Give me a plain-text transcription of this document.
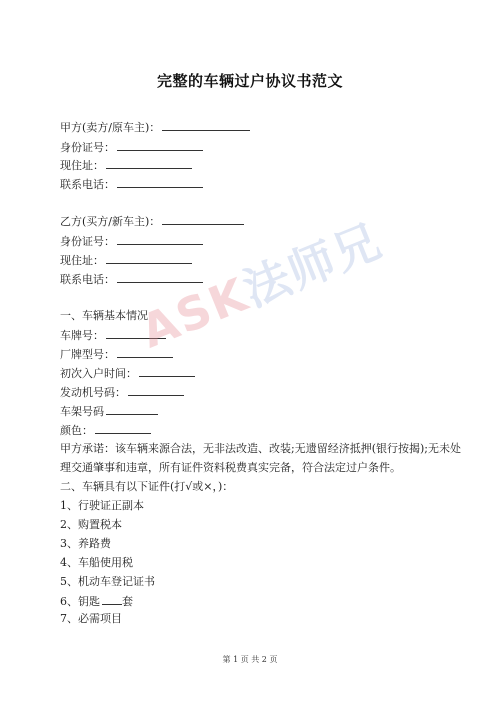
完整的车辆过户协议书范文
甲方(卖方/原车主)：
身份证号：
现住址：
联系电话：
乙方(买方/新车主)：
身份证号：
现住址：
联系电话：
一、车辆基本情况
车牌号：
厂牌型号：
初次入户时间：
发动机号码：
车架号码
颜色：
甲方承诺：该车辆来源合法，无非法改造、改装;无遗留经济抵押(银行按揭);无未处
理交通肇事和违章，所有证件资料税费真实完备，符合法定过户条件。
二、车辆具有以下证件(打√或×，)：
1、行驶证正副本
2、购置税本
3、养路费
4、车船使用税
5、机动车登记证书
6、钥匙 套
7、必需项目
ASK法师兄
第 1 页 共 2 页
